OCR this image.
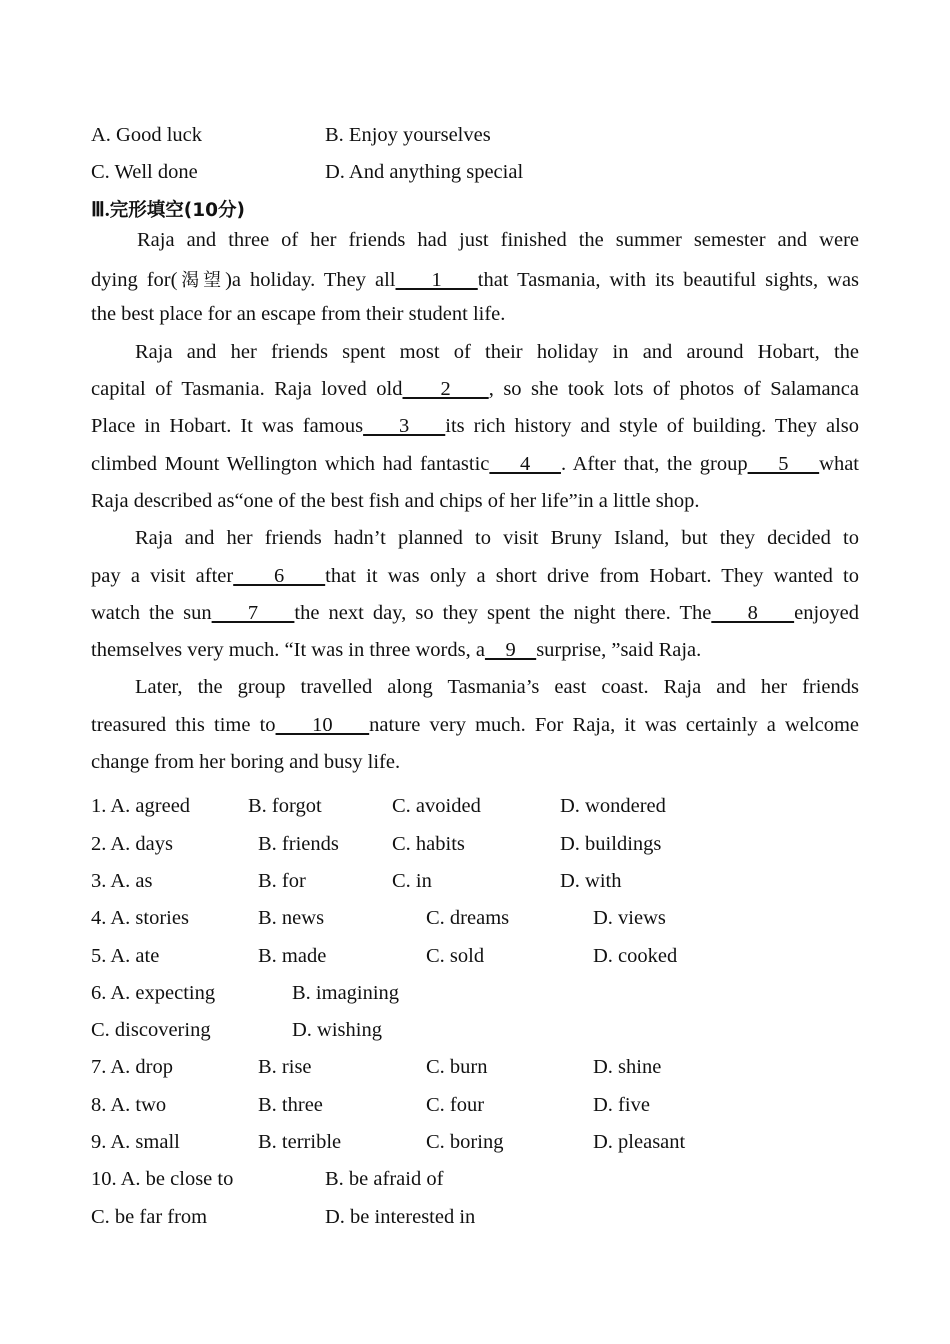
A. Good luck	B. Enjoy yourselves
C. Well done	D. And anything special
Ⅲ.完形填空(10分)
Raja and three of her friends had just finished the summer semester and were
dying for(渴望)a holiday. They all    1    that Tasmania, with its beautiful sights, was
the best place for an escape from their student life.
Raja and her friends spent most of their holiday in and around Hobart, the
capital of Tasmania. Raja loved old    2    , so she took lots of photos of Salamanca
Place in Hobart. It was famous    3    its rich history and style of building. They also
climbed Mount Wellington which had fantastic    4    . After that, the group    5    what
Raja described as“one of the best fish and chips of her life”in a little shop.
Raja and her friends hadn’t planned to visit Bruny Island, but they decided to
pay a visit after    6    that it was only a short drive from Hobart. They wanted to
watch the sun    7    the next day, so they spent the night there. The    8    enjoyed
themselves very much. “It was in three words, a    9    surprise, ”said Raja.
Later, the group travelled along Tasmania’s east coast. Raja and her friends
treasured this time to    10    nature very much. For Raja, it was certainly a welcome
change from her boring and busy life.
1. A. agreed	B. forgot	C. avoided	D. wondered
2. A. days	B. friends	C. habits	D. buildings
3. A. as	B. for	C. in	D. with
4. A. stories	B. news	C. dreams	D. views
5. A. ate	B. made	C. sold	D. cooked
6. A. expecting	B. imagining
C. discovering	D. wishing
7. A. drop	B. rise	C. burn	D. shine
8. A. two	B. three	C. four	D. five
9. A. small	B. terrible	C. boring	D. pleasant
10. A. be close to	B. be afraid of
C. be far from	D. be interested in
